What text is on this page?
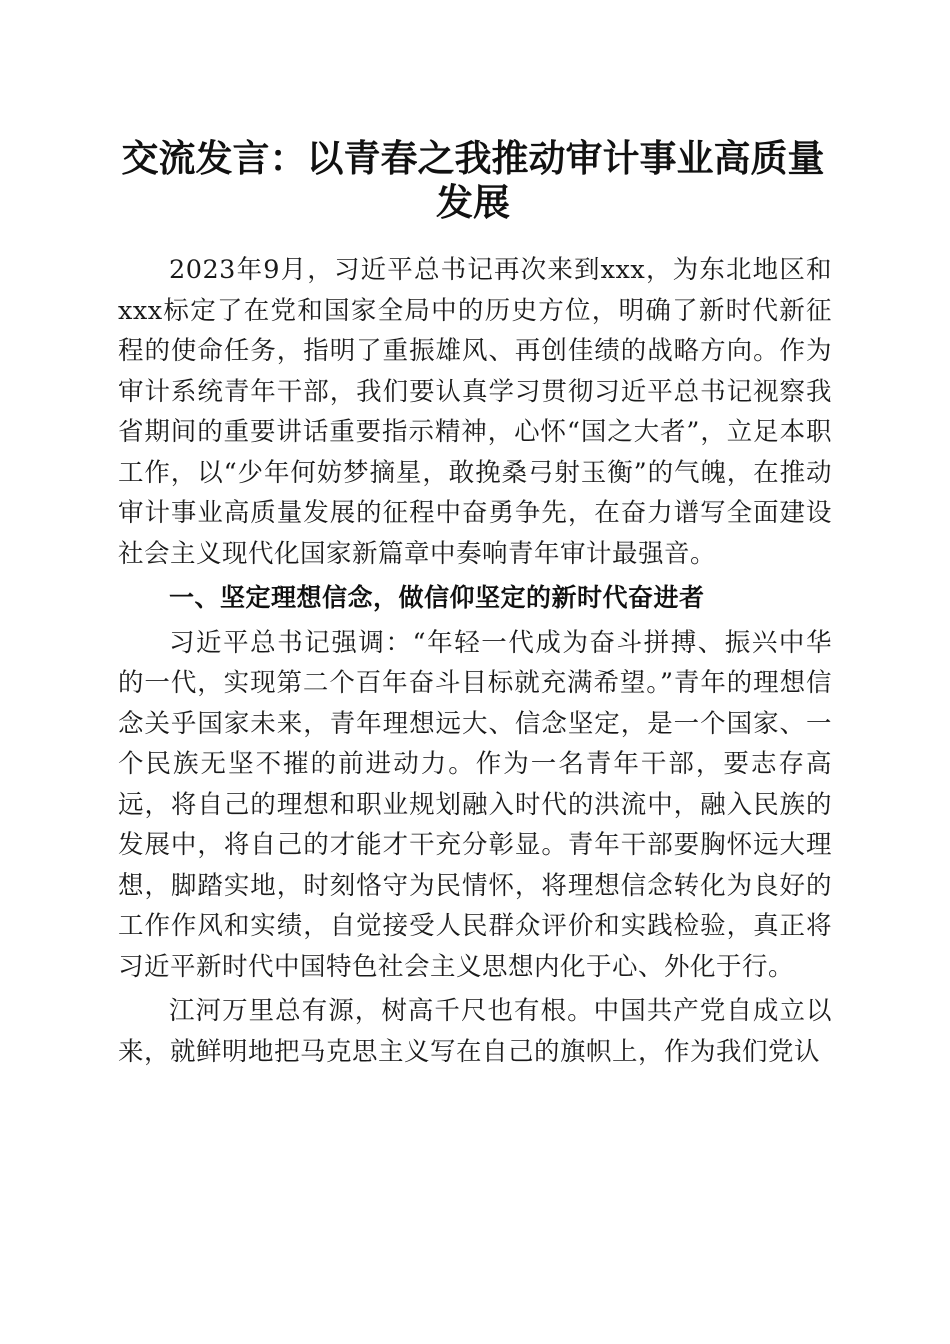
交流发言：以青春之我推动审计事业高质量发展

2023年9月，习近平总书记再次来到xxx，为东北地区和xxx标定了在党和国家全局中的历史方位，明确了新时代新征程的使命任务，指明了重振雄风、再创佳绩的战略方向。作为审计系统青年干部，我们要认真学习贯彻习近平总书记视察我省期间的重要讲话重要指示精神，心怀“国之大者”，立足本职工作，以“少年何妨梦摘星，敢挽桑弓射玉衡”的气魄，在推动审计事业高质量发展的征程中奋勇争先，在奋力谱写全面建设社会主义现代化国家新篇章中奏响青年审计最强音。

一、坚定理想信念，做信仰坚定的新时代奋进者

习近平总书记强调：“年轻一代成为奋斗拼搏、振兴中华的一代，实现第二个百年奋斗目标就充满希望。”青年的理想信念关乎国家未来，青年理想远大、信念坚定，是一个国家、一个民族无坚不摧的前进动力。作为一名青年干部，要志存高远，将自己的理想和职业规划融入时代的洪流中，融入民族的发展中，将自己的才能才干充分彰显。青年干部要胸怀远大理想，脚踏实地，时刻恪守为民情怀，将理想信念转化为良好的工作作风和实绩，自觉接受人民群众评价和实践检验，真正将习近平新时代中国特色社会主义思想内化于心、外化于行。

江河万里总有源，树高千尺也有根。中国共产党自成立以来，就鲜明地把马克思主义写在自己的旗帜上，作为我们党认
